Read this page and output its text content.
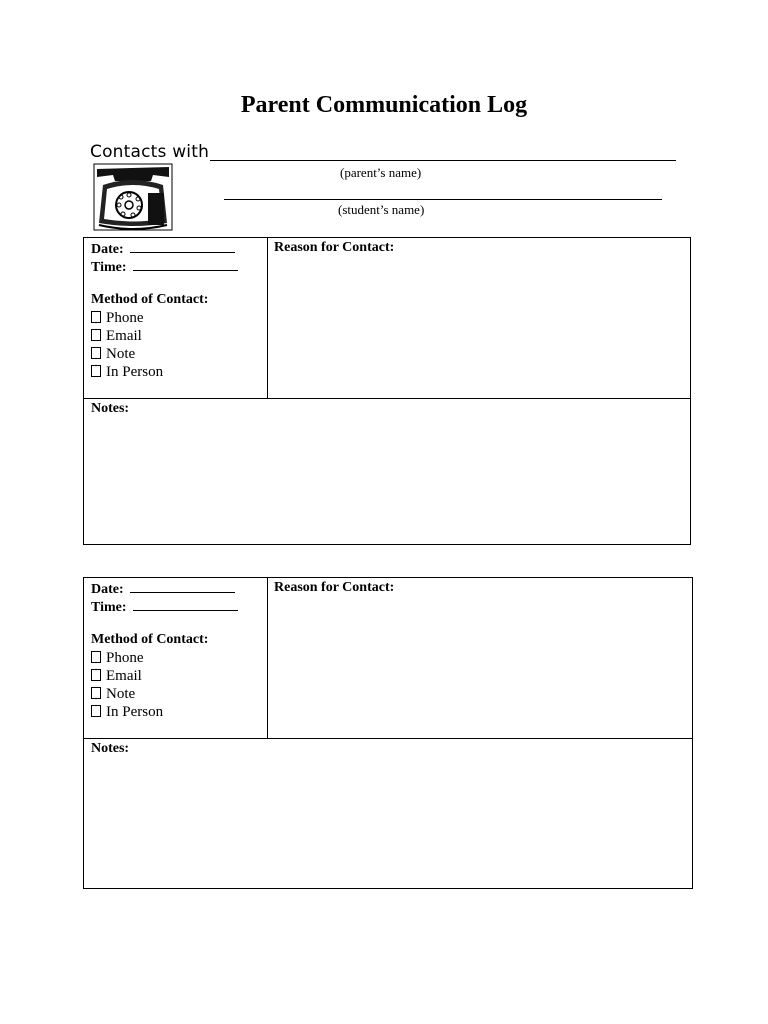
Parent Communication Log
Contacts with
(parent’s name)
(student’s name)
Date:
Time:
Method of Contact:
Phone
Email
Note
In Person
Reason for Contact:
Notes:
Date:
Time:
Method of Contact:
Phone
Email
Note
In Person
Reason for Contact:
Notes:
